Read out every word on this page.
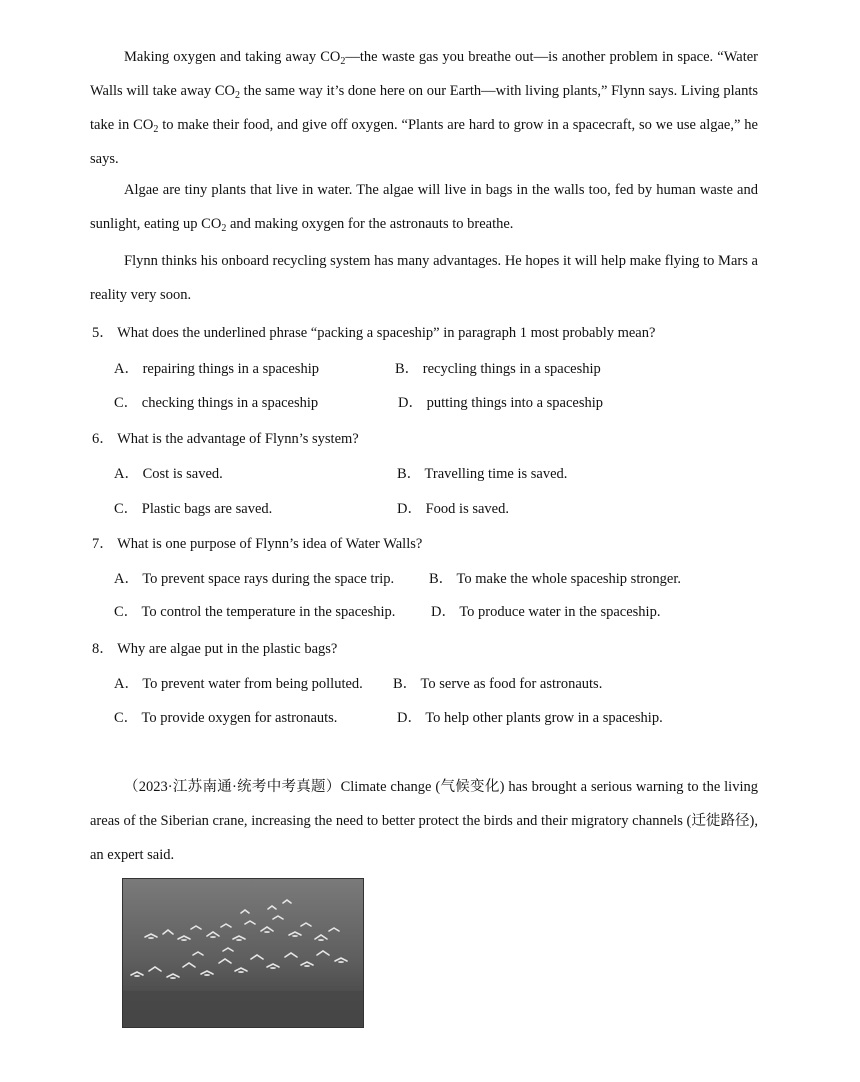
Making oxygen and taking away $CO_2—the$ waste gas you breathe out—is another problem in space. “Water Walls will take away $CO_2$ the same way it’s done here on our Earth—with living plants,” Flynn says. Living plants take in $CO_2$ to make their food, and give off oxygen. “Plants are hard to grow in a spacecraft, so we use algae,” he says.
Algae are tiny plants that live in water. The algae will live in bags in the walls too, fed by human waste and sunlight, eating up $CO_2$ and making oxygen for the astronauts to breathe.
Flynn thinks his onboard recycling system has many advantages. He hopes it will help make flying to Mars a reality very soon.
5． What does the underlined phrase “packing a spaceship” in paragraph 1 most probably mean?
A． repairing things in a spaceship	B． recycling things in a spaceship
C． checking things in a spaceship	D． putting things into a spaceship
6． What is the advantage of Flynn’s system?
A． Cost is saved.	B． Travelling time is saved.
C． Plastic bags are saved.	D． Food is saved.
7． What is one purpose of Flynn’s idea of Water Walls?
A． To prevent space rays during the space trip. B． To make the whole spaceship stronger.
C． To control the temperature in the spaceship. D． To produce water in the spaceship.
8． Why are algae put in the plastic bags?
A． To prevent water from being polluted. B． To serve as food for astronauts.
C． To provide oxygen for astronauts.	D． To help other plants grow in a spaceship.
（2023·江苏南通·统考中考真题）Climate change (气候变化) has brought a serious warning to the living areas of the Siberian crane, increasing the need to better protect the birds and their migratory channels (迁徙路径), an expert said.
